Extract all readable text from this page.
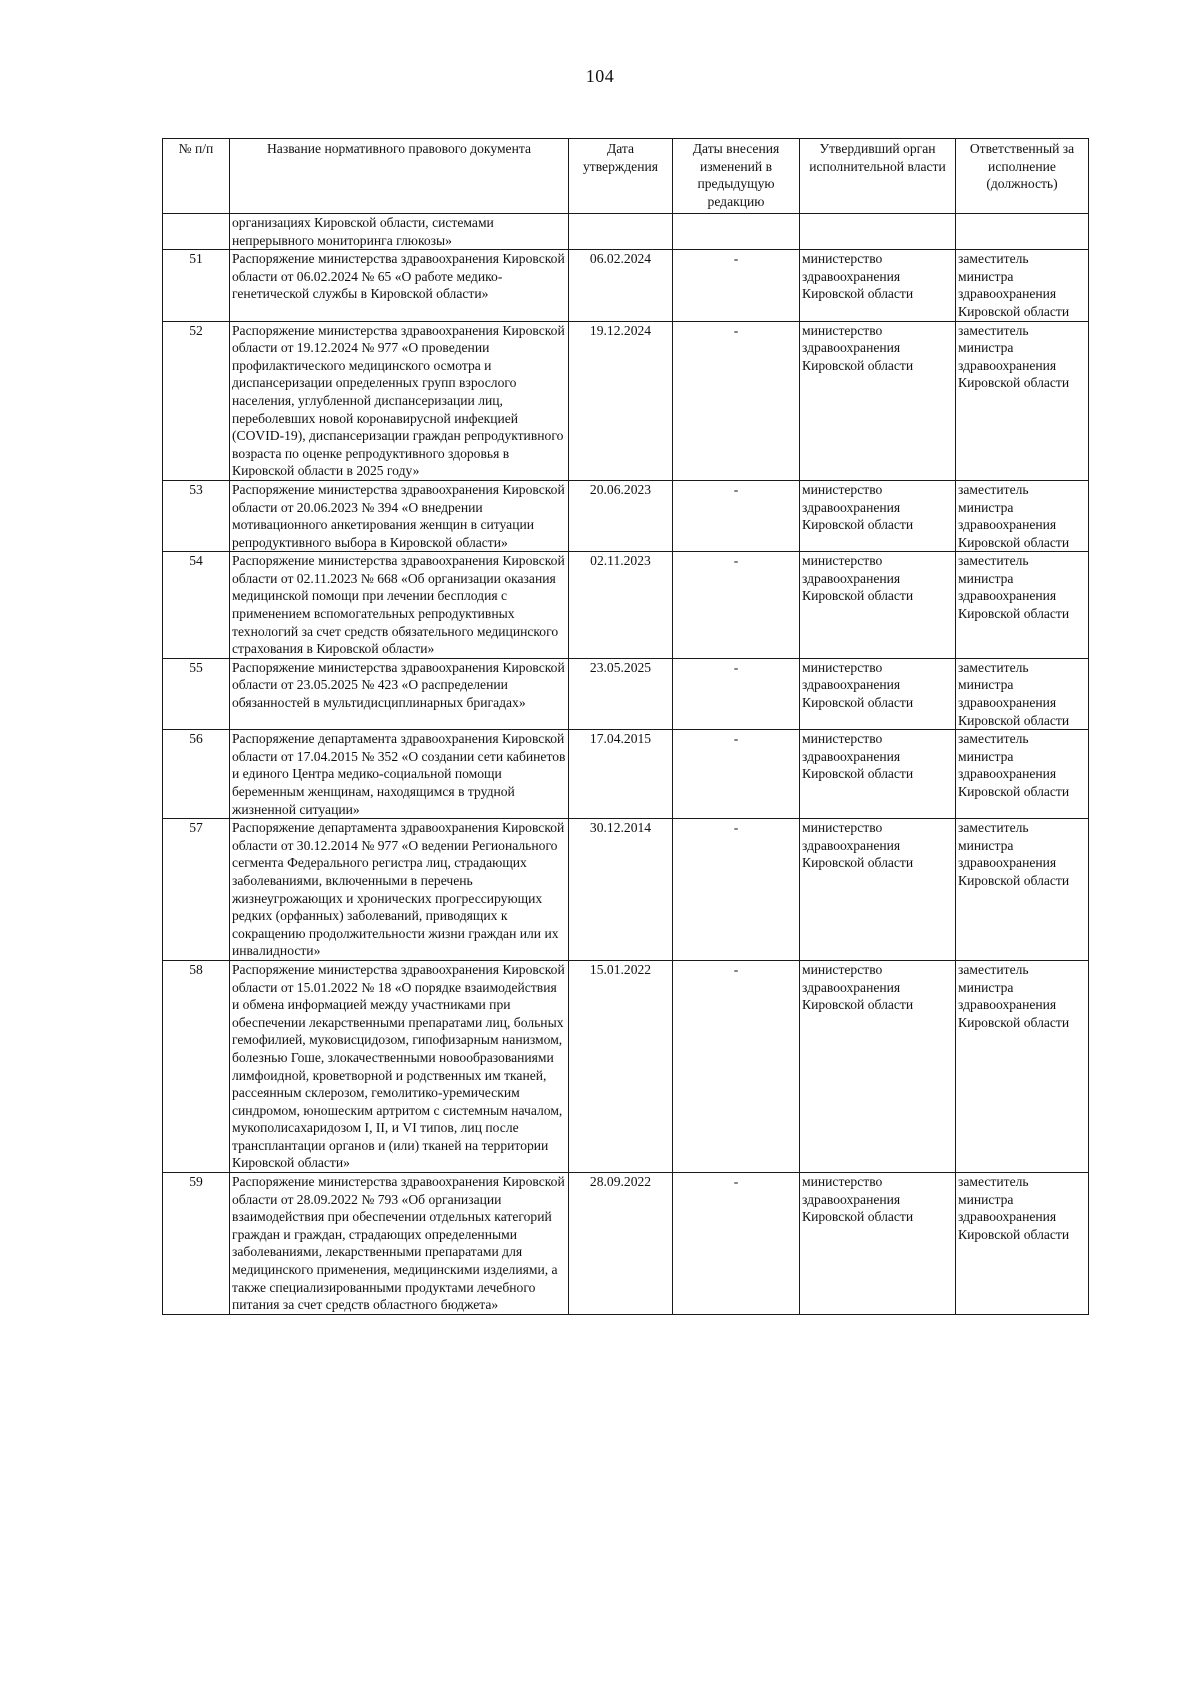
104
№ п/п	Название нормативного правового документа	Дата утверждения	Даты внесения изменений в предыдущую редакцию	Утвердивший орган исполнительной власти	Ответственный за исполнение (должность)
	организациях Кировской области, системами непрерывного мониторинга глюкозы»				
51	Распоряжение министерства здравоохранения Кировской области от 06.02.2024 № 65 «О работе медико-генетической службы в Кировской области»	06.02.2024	-	министерство здравоохранения Кировской области	заместитель министра здравоохранения Кировской области
52	Распоряжение министерства здравоохранения Кировской области от 19.12.2024 № 977 «О проведении профилактического медицинского осмотра и диспансеризации определенных групп взрослого населения, углубленной диспансеризации лиц, переболевших новой коронавирусной инфекцией (COVID-19), диспансеризации граждан репродуктивного возраста по оценке репродуктивного здоровья в Кировской области в 2025 году»	19.12.2024	-	министерство здравоохранения Кировской области	заместитель министра здравоохранения Кировской области
53	Распоряжение министерства здравоохранения Кировской области от 20.06.2023 № 394 «О внедрении мотивационного анкетирования женщин в ситуации репродуктивного выбора в Кировской области»	20.06.2023	-	министерство здравоохранения Кировской области	заместитель министра здравоохранения Кировской области
54	Распоряжение министерства здравоохранения Кировской области от 02.11.2023 № 668 «Об организации оказания медицинской помощи при лечении бесплодия с применением вспомогательных репродуктивных технологий за счет средств обязательного медицинского страхования в Кировской области»	02.11.2023	-	министерство здравоохранения Кировской области	заместитель министра здравоохранения Кировской области
55	Распоряжение министерства здравоохранения Кировской области от 23.05.2025 № 423 «О распределении обязанностей в мультидисциплинарных бригадах»	23.05.2025	-	министерство здравоохранения Кировской области	заместитель министра здравоохранения Кировской области
56	Распоряжение департамента здравоохранения Кировской области от 17.04.2015 № 352 «О создании сети кабинетов и единого Центра медико-социальной помощи беременным женщинам, находящимся в трудной жизненной ситуации»	17.04.2015	-	министерство здравоохранения Кировской области	заместитель министра здравоохранения Кировской области
57	Распоряжение департамента здравоохранения Кировской области от 30.12.2014 № 977 «О ведении Регионального сегмента Федерального регистра лиц, страдающих заболеваниями, включенными в перечень жизнеугрожающих и хронических прогрессирующих редких (орфанных) заболеваний, приводящих к сокращению продолжительности жизни граждан или их инвалидности»	30.12.2014	-	министерство здравоохранения Кировской области	заместитель министра здравоохранения Кировской области
58	Распоряжение министерства здравоохранения Кировской области от 15.01.2022 № 18 «О порядке взаимодействия и обмена информацией между участниками при обеспечении лекарственными препаратами лиц, больных гемофилией, муковисцидозом, гипофизарным нанизмом, болезнью Гоше, злокачественными новообразованиями лимфоидной, кроветворной и родственных им тканей, рассеянным склерозом, гемолитико-уремическим синдромом, юношеским артритом с системным началом, мукополисахаридозом I, II, и VI типов, лиц после трансплантации органов и (или) тканей на территории Кировской области»	15.01.2022	-	министерство здравоохранения Кировской области	заместитель министра здравоохранения Кировской области
59	Распоряжение министерства здравоохранения Кировской области от 28.09.2022 № 793 «Об организации взаимодействия при обеспечении отдельных категорий граждан и граждан, страдающих определенными заболеваниями, лекарственными препаратами для медицинского применения, медицинскими изделиями, а также специализированными продуктами лечебного питания за счет средств областного бюджета»	28.09.2022	-	министерство здравоохранения Кировской области	заместитель министра здравоохранения Кировской области
